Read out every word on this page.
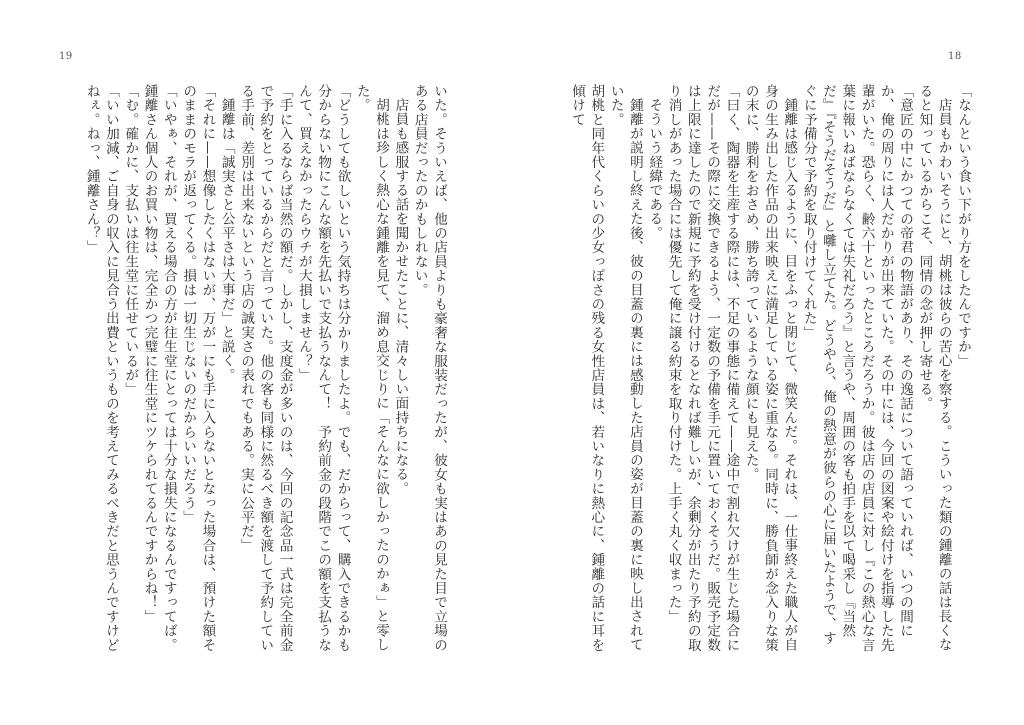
19

いた。そういえば、他の店員よりも豪奢な服装だったが、彼女も実はあの見た目で立場のある店員だったのかもしれない。

店員も感服する話を聞かせたことに、清々しい面持ちになる。

胡桃は珍しく熱心な鍾離を見て、溜め息交じりに「そんなに欲しかったのかぁ」と零した。

「どうしても欲しいという気持ちは分かりましたよ。でも、だからって、購入できるかも分からない物にこんな額を先払いで支払うなんて！　予約前金の段階でこの額を支払うなんて、買えなかったらウチが大損しません？」

「手に入るならば当然の額だ。しかし、支度金が多いのは、今回の記念品一式は完全前金で予約をとっているからだと言っていた。他の客も同様に然るべき額を渡して予約している手前、差別は出来ないという店の誠実さの表れでもある。実に公平だ」

鍾離は「誠実さと公平さは大事だ」と説く。

「それに——想像したくはないが、万が一にも手に入らないとなった場合は、預けた額そのままのモラが返ってくる。損は一切生じないのだからいいだろう」

「いやぁ、それが、買える場合の方が往生堂にとっては十分な損失になるんですってば。鍾離さん個人のお買い物は、完全かつ完璧に往生堂にツケられてるんですからね！」

「む。確かに、支払いは往生堂に任せているが」

「いい加減、ご自身の収入に見合う出費というものを考えてみるべきだと思うんですけどねぇ。ねっ、鍾離さん？」

18

「なんという食い下がり方をしたんですか」

店員もかわいそうにと、胡桃は彼らの苦心を察する。こういった類の鍾離の話は長くなると知っているからこそ、同情の念が押し寄せる。

「意匠の中にかつての帝君の物語があり、その逸話について語っていれば、いつの間にか、俺の周りには人だかりが出来ていた。その中には、今回の図案や絵付けを指導した先輩がいた。恐らく、齢六十といったところだろうか。彼は店の店員に対し『この熱心な言葉に報いねばならなくては失礼だろう』と言うや、周囲の客も拍手を以て喝采し『当然だ』『そうだそうだ』と囃し立てた。どうやら、俺の熱意が彼らの心に届いたようで、すぐに予備分で予約を取り付けてくれた」

鍾離は感じ入るように、目をふっと閉じて、微笑んだ。それは、一仕事終えた職人が自身の生み出した作品の出来映えに満足している姿に重なる。同時に、勝負師が念入りな策の末に、勝利をおさめ、勝ち誇っているような顔にも見えた。

「曰く、陶器を生産する際には、不足の事態に備えて——途中で割れ欠けが生じた場合にだが——その際に交換できるよう、一定数の予備を手元に置いておくそうだ。販売予定数は上限に達したので新規に予約を受け付けるとなれば難しいが、余剰分が出たり予約の取り消しがあった場合には優先して俺に譲る約束を取り付けた。上手く丸く収まった」

そういう経緯である。

鍾離が説明し終えた後、彼の目蓋の裏には感動した店員の姿が目蓋の裏に映し出されていた。

胡桃と同年代くらいの少女っぽさの残る女性店員は、若いなりに熱心に、鍾離の話に耳を傾けて
